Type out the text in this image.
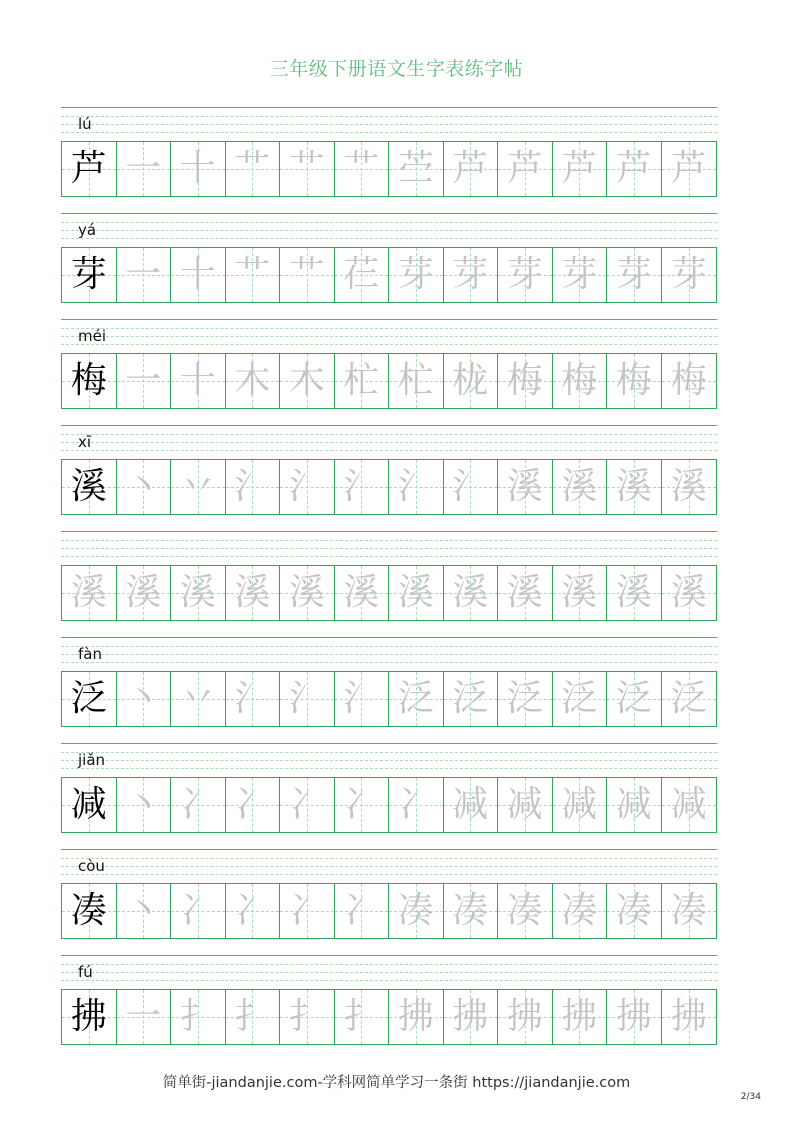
三年级下册语文生字表练字帖
lú
芦 一 十 艹 艹 艹 苎 芦 芦 芦 芦 芦
yá
芽 一 十 艹 艹 芢 芽 芽 芽 芽 芽 芽
méi
梅 一 十 木 木 杧 杧 栊 梅 梅 梅 梅
xī
溪 丶 丷 氵 氵 氵 氵 氵 溪 溪 溪 溪
溪 溪 溪 溪 溪 溪 溪 溪 溪 溪 溪 溪
fàn
泛 丶 丷 氵 氵 氵 泛 泛 泛 泛 泛 泛
jiǎn
减 丶 冫 冫 冫 冫 冫 减 减 减 减 减
còu
凑 丶 冫 冫 冫 冫 凑 凑 凑 凑 凑 凑
fú
拂 一 扌 扌 扌 扌 拂 拂 拂 拂 拂 拂
简单街-jiandanjie.com-学科网简单学习一条街 https://jiandanjie.com
2/34
